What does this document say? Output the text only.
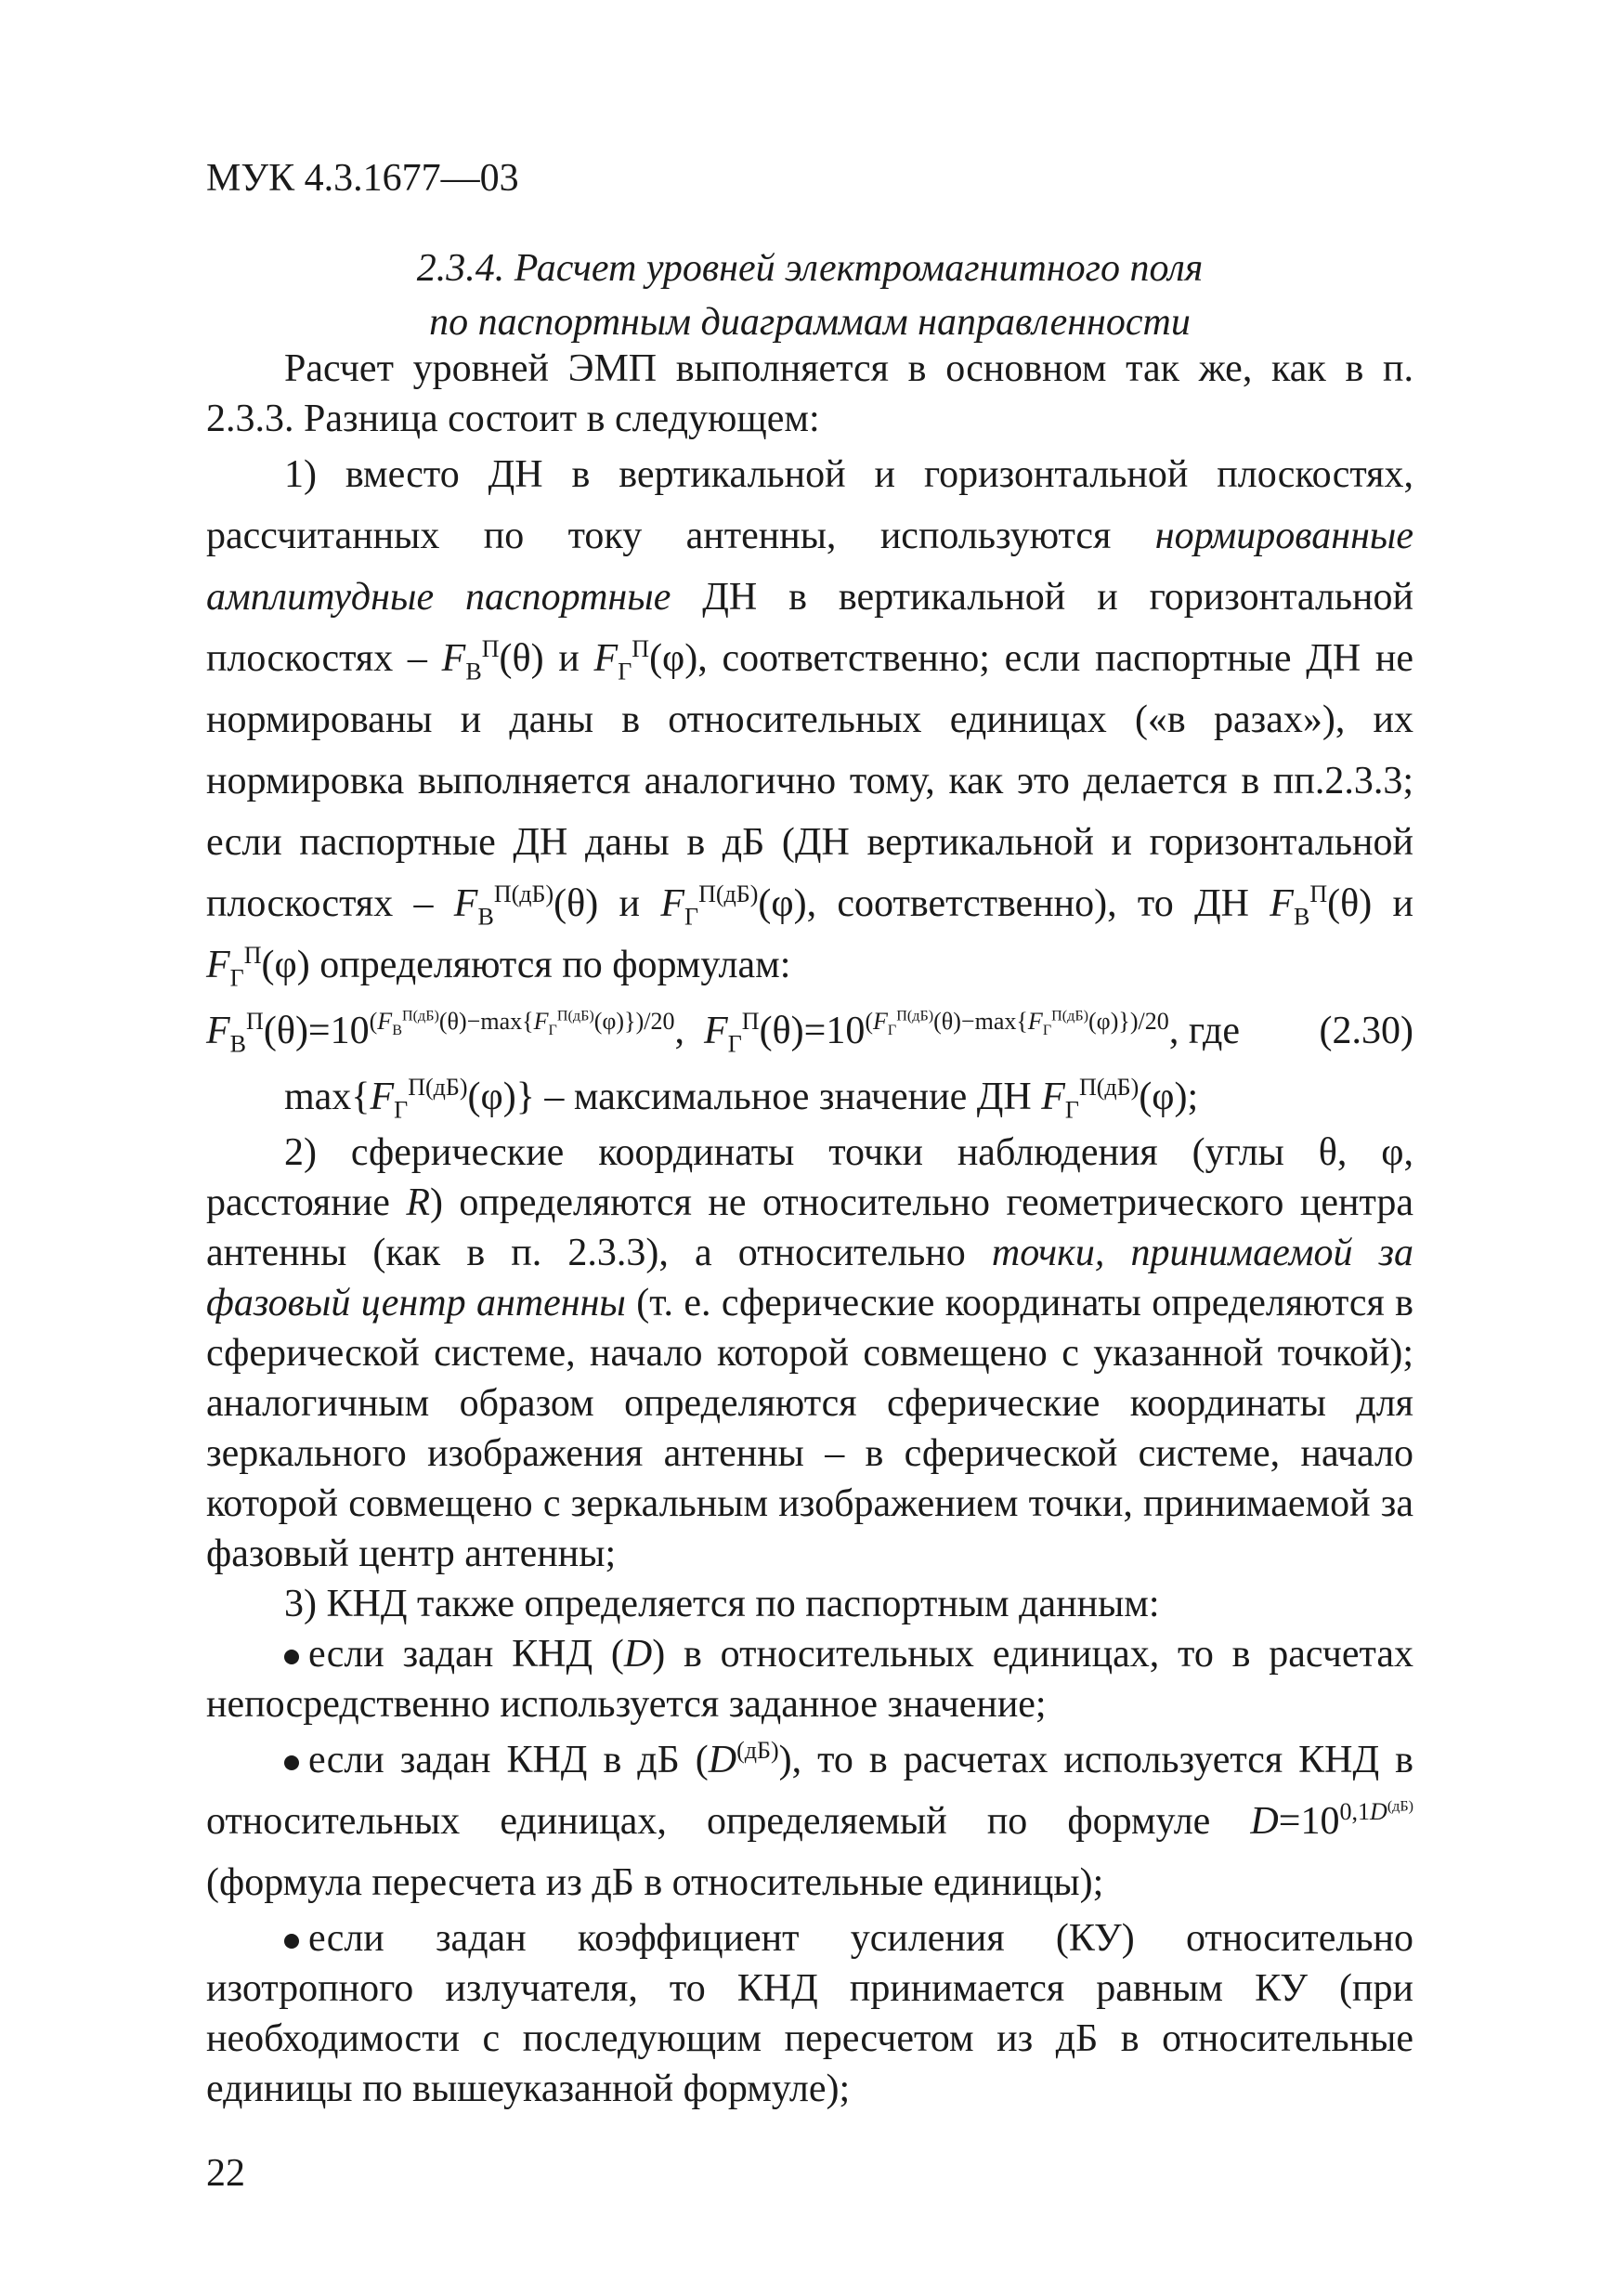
МУК 4.3.1677—03
2.3.4. Расчет уровней электромагнитного поля
по паспортным диаграммам направленности

Расчет уровней ЭМП выполняется в основном так же, как в п. 2.3.3. Разница состоит в следующем:

1) вместо ДН в вертикальной и горизонтальной плоскостях, рассчитанных по току антенны, используются нормированные амплитудные паспортные ДН в вертикальной и горизонтальной плоскостях – $F_В^П(\theta)$ и $F_Г^П(\varphi)$, соответственно; если паспортные ДН не нормированы и даны в относительных единицах («в разах»), их нормировка выполняется аналогично тому, как это делается в пп.2.3.3; если паспортные ДН даны в дБ (ДН вертикальной и горизонтальной плоскостях – $F_В^{П(дБ)}(\theta)$ и $F_Г^{П(дБ)}(\varphi)$, соответственно), то ДН $F_В^П(\theta)$ и $F_Г^П(\varphi)$ определяются по формулам:

$F_В^П(\theta)=10^{(F_В^{П(дБ)}(\theta)-max\{F_Г^{П(дБ)}(\varphi)\})/20}$,  $F_Г^П(\theta)=10^{(F_Г^{П(дБ)}(\theta)-max\{F_Г^{П(дБ)}(\varphi)\})/20}$, где (2.30)

$\max\{F_Г^{П(дБ)}(\varphi)\}$ – максимальное значение ДН $F_Г^{П(дБ)}(\varphi)$;

2) сферические координаты точки наблюдения (углы θ, φ, расстояние R) определяются не относительно геометрического центра антенны (как в п. 2.3.3), а относительно точки, принимаемой за фазовый центр антенны (т. е. сферические координаты определяются в сферической системе, начало которой совмещено с указанной точкой); аналогичным образом определяются сферические координаты для зеркального изображения антенны – в сферической системе, начало которой совмещено с зеркальным изображением точки, принимаемой за фазовый центр антенны;

3) КНД также определяется по паспортным данным:

если задан КНД (D) в относительных единицах, то в расчетах непосредственно используется заданное значение;

если задан КНД в дБ $(D^{(дБ)})$, то в расчетах используется КНД в относительных единицах, определяемый по формуле $D=10^{0,1D^{(дБ)}}$ (формула пересчета из дБ в относительные единицы);

если задан коэффициент усиления (КУ) относительно изотропного излучателя, то КНД принимается равным КУ (при необходимости с последующим пересчетом из дБ в относительные единицы по вышеуказанной формуле);

22
